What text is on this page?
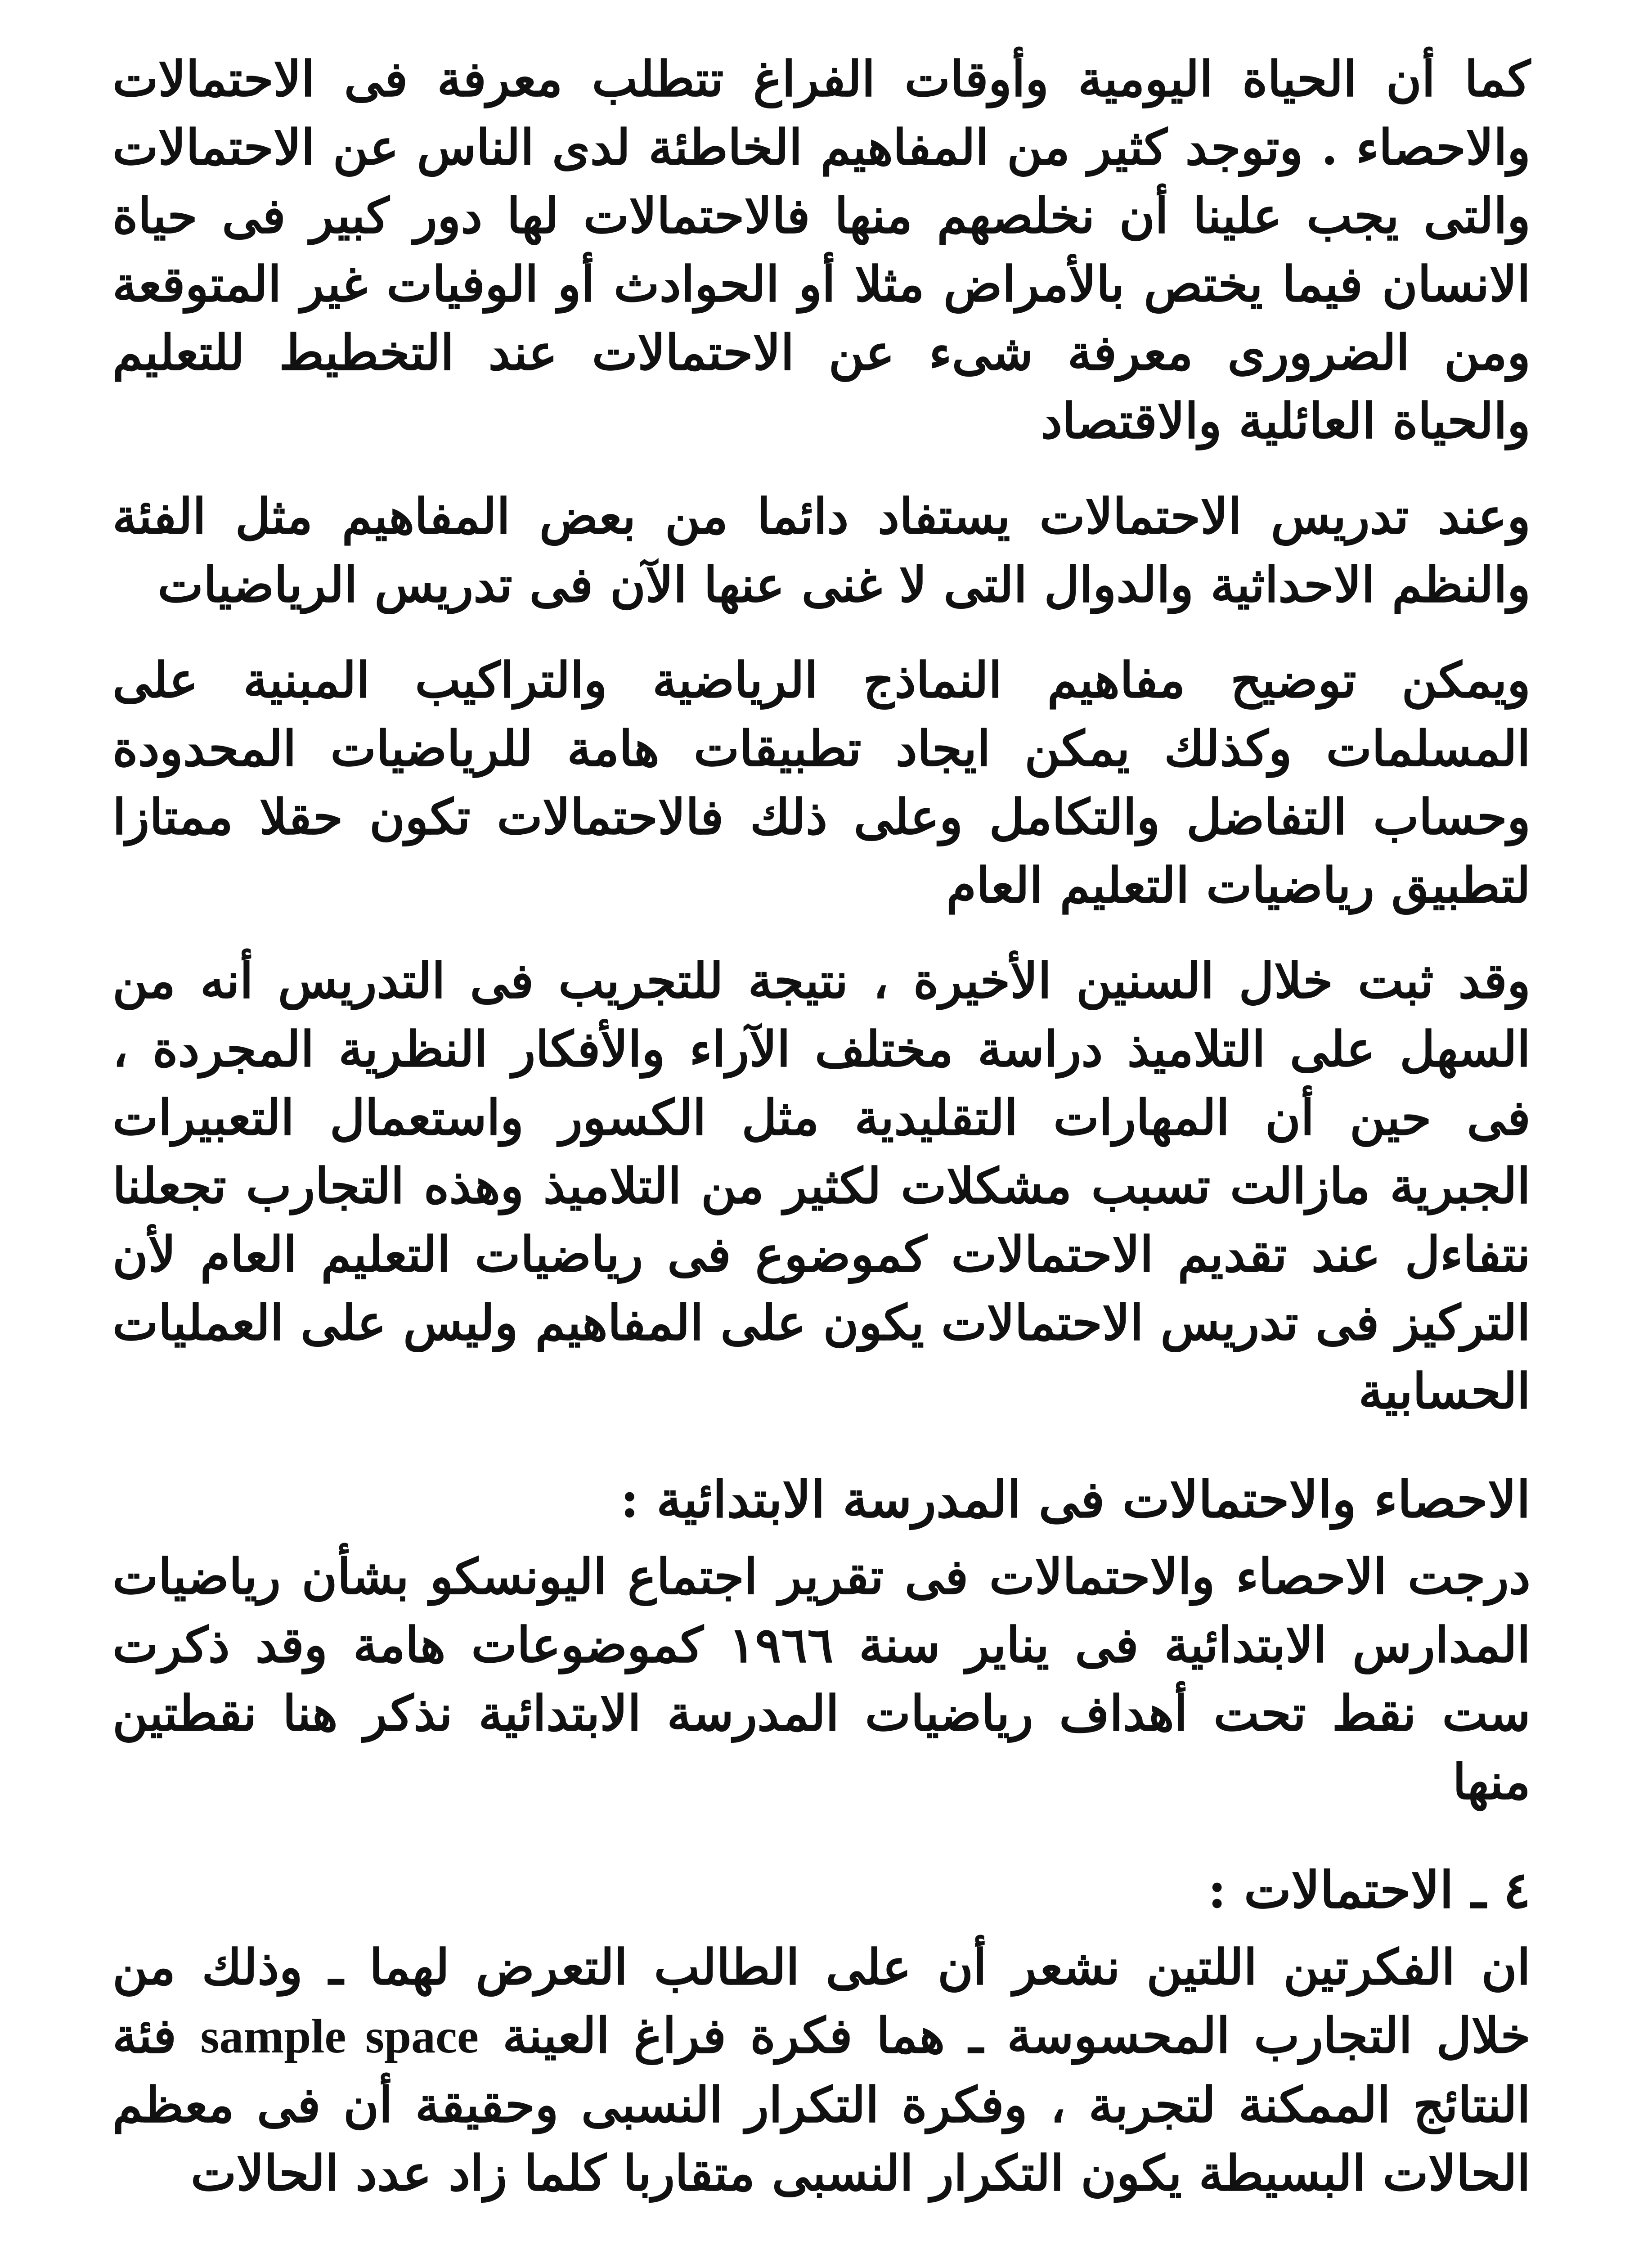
كما أن الحياة اليومية وأوقات الفراغ تتطلب معرفة فى الاحتمالات والاحصاء . وتوجد كثير من المفاهيم الخاطئة لدى الناس عن الاحتمالات والتى يجب علينا أن نخلصهم منها فالاحتمالات لها دور كبير فى حياة الانسان فيما يختص بالأمراض مثلا أو الحوادث أو الوفيات غير المتوقعة ومن الضرورى معرفة شىء عن الاحتمالات عند التخطيط للتعليم والحياة العائلية والاقتصاد

وعند تدريس الاحتمالات يستفاد دائما من بعض المفاهيم مثل الفئة والنظم الاحداثية والدوال التى لا غنى عنها الآن فى تدريس الرياضيات

ويمكن توضيح مفاهيم النماذج الرياضية والتراكيب المبنية على المسلمات وكذلك يمكن ايجاد تطبيقات هامة للرياضيات المحدودة وحساب التفاضل والتكامل وعلى ذلك فالاحتمالات تكون حقلا ممتازا لتطبيق رياضيات التعليم العام

وقد ثبت خلال السنين الأخيرة ، نتيجة للتجريب فى التدريس أنه من السهل على التلاميذ دراسة مختلف الآراء والأفكار النظرية المجردة ، فى حين أن المهارات التقليدية مثل الكسور واستعمال التعبيرات الجبرية مازالت تسبب مشكلات لكثير من التلاميذ وهذه التجارب تجعلنا نتفاءل عند تقديم الاحتمالات كموضوع فى رياضيات التعليم العام لأن التركيز فى تدريس الاحتمالات يكون على المفاهيم وليس على العمليات الحسابية

الاحصاء والاحتمالات فى المدرسة الابتدائية :

درجت الاحصاء والاحتمالات فى تقرير اجتماع اليونسكو بشأن رياضيات المدارس الابتدائية فى يناير سنة ١٩٦٦ كموضوعات هامة وقد ذكرت ست نقط تحت أهداف رياضيات المدرسة الابتدائية نذكر هنا نقطتين منها

٤ ـ الاحتمالات :

ان الفكرتين اللتين نشعر أن على الطالب التعرض لهما ـ وذلك من خلال التجارب المحسوسة ـ هما فكرة فراغ العينة sample space فئة النتائج الممكنة لتجربة ، وفكرة التكرار النسبى وحقيقة أن فى معظم الحالات البسيطة يكون التكرار النسبى متقاربا كلما زاد عدد الحالات
